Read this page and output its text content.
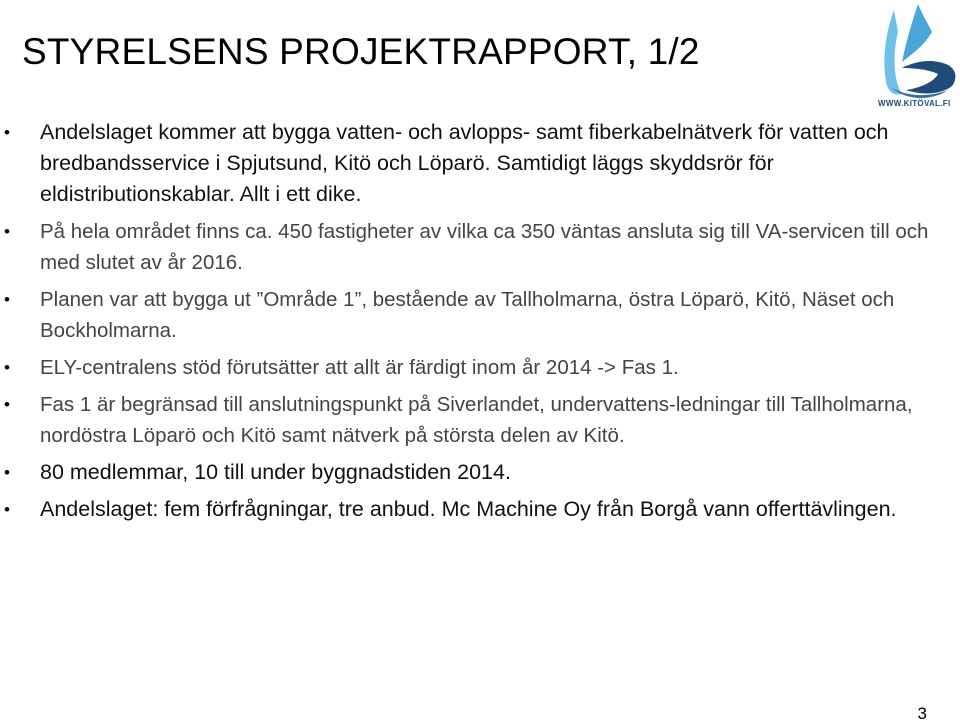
STYRELSENS PROJEKTRAPPORT, 1/2
WWW.KITÖVAL.FI
• Andelslaget kommer att bygga vatten- och avlopps- samt fiberkabelnätverk för vatten och bredbandsservice i Spjutsund, Kitö och Löparö. Samtidigt läggs skyddsrör för eldistributionskablar. Allt i ett dike.
• På hela området finns ca. 450 fastigheter av vilka ca 350 väntas ansluta sig till VA-servicen till och med slutet av år 2016.
• Planen var att bygga ut ”Område 1”, bestående av Tallholmarna, östra Löparö, Kitö, Näset och Bockholmarna.
• ELY-centralens stöd förutsätter att allt är färdigt inom år 2014 -> Fas 1.
• Fas 1 är begränsad till anslutningspunkt på Siverlandet, undervattens-ledningar till Tallholmarna, nordöstra Löparö och Kitö samt nätverk på största delen av Kitö.
• 80 medlemmar, 10 till under byggnadstiden 2014.
• Andelslaget: fem förfrågningar, tre anbud. Mc Machine Oy från Borgå vann offerttävlingen.
3
